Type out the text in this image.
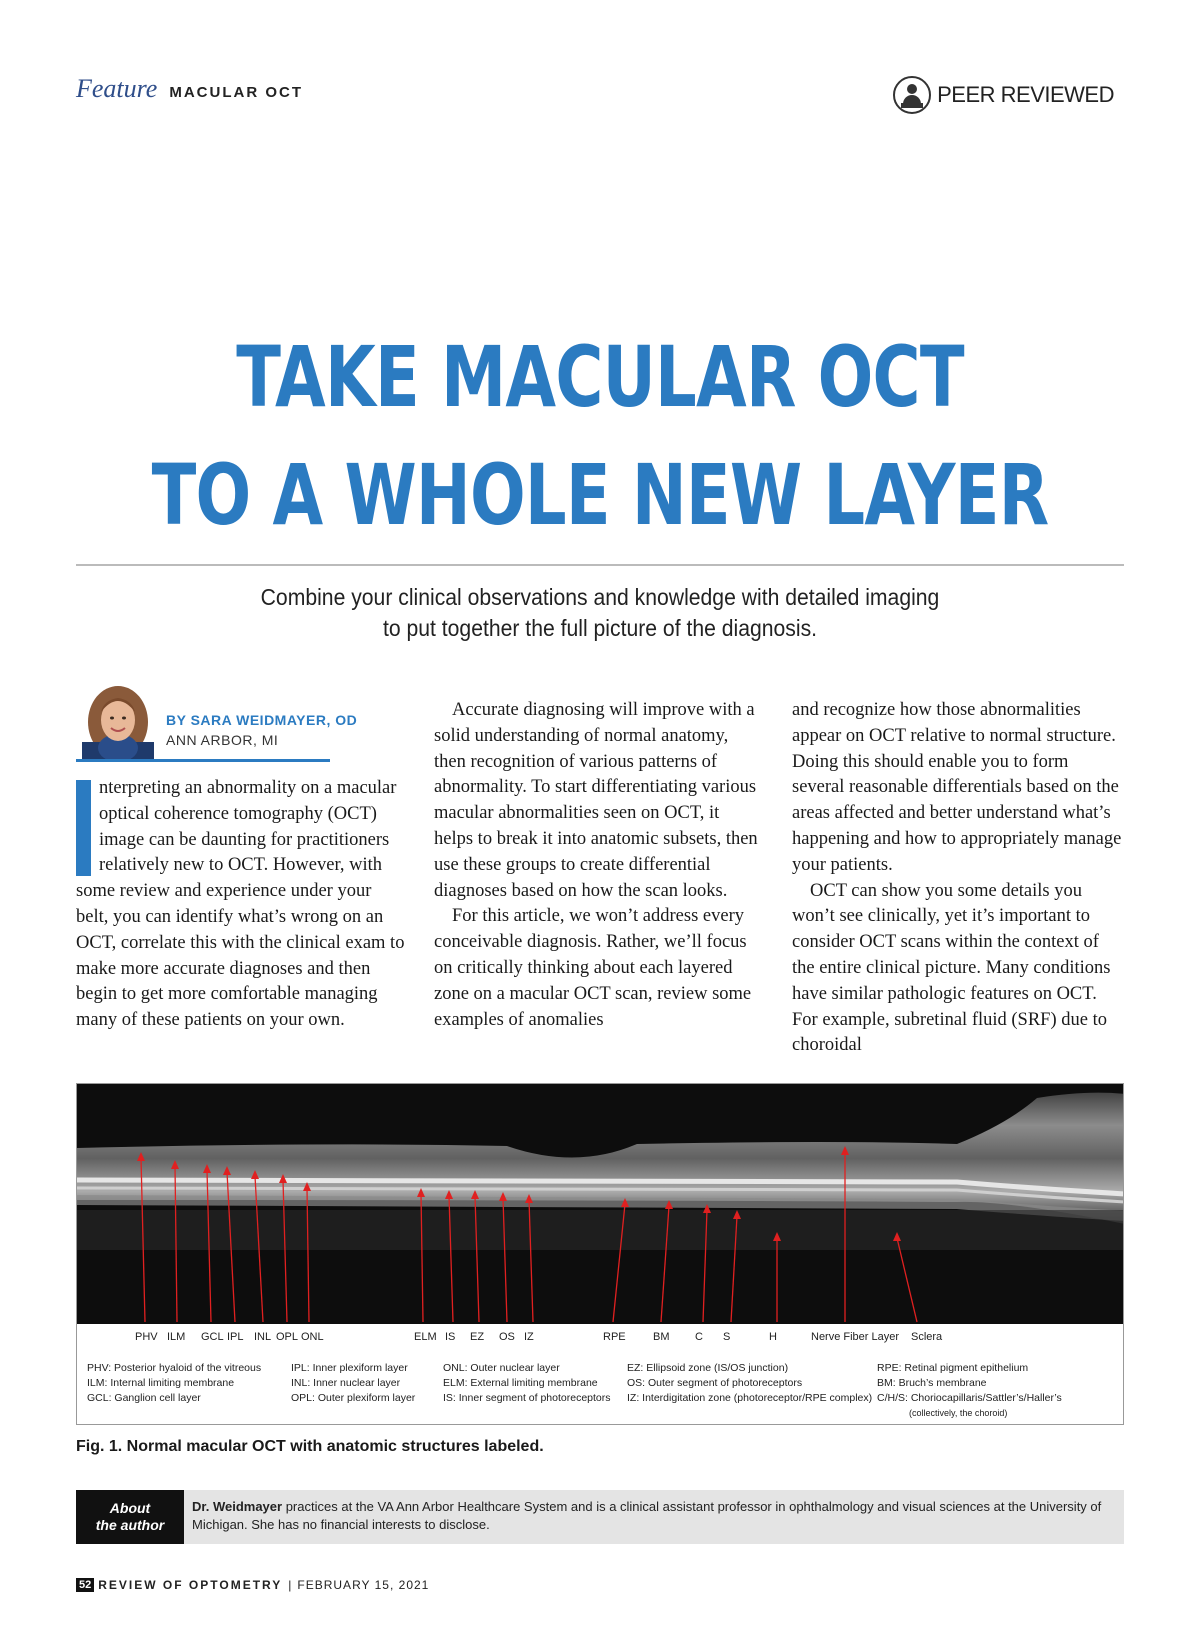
Feature MACULAR OCT	PEER REVIEWED
TAKE MACULAR OCT
TO A WHOLE NEW LAYER
Combine your clinical observations and knowledge with detailed imaging
to put together the full picture of the diagnosis.
BY SARA WEIDMAYER, OD
ANN ARBOR, MI

nterpreting an abnormality on a macular optical coherence tomography (OCT) image can be daunting for practitioners relatively new to OCT. However, with some review and experience under your belt, you can identify what’s wrong on an OCT, correlate this with the clinical exam to make more accurate diagnoses and then begin to get more comfortable managing many of these patients on your own.

Accurate diagnosing will improve with a solid understanding of normal anatomy, then recognition of various patterns of abnormality. To start differentiating various macular abnormalities seen on OCT, it helps to break it into anatomic subsets, then use these groups to create differential diagnoses based on how the scan looks.

For this article, we won’t address every conceivable diagnosis. Rather, we’ll focus on critically thinking about each layered zone on a macular OCT scan, review some examples of anomalies

and recognize how those abnormalities appear on OCT relative to normal structure. Doing this should enable you to form several reasonable differentials based on the areas affected and better understand what’s happening and how to appropriately manage your patients.

OCT can show you some details you won’t see clinically, yet it’s important to consider OCT scans within the context of the entire clinical picture. Many conditions have similar pathologic features on OCT. For example, subretinal fluid (SRF) due to choroidal

PHV ILM GCL IPL INL OPL ONL	ELM IS EZ OS IZ	RPE BM C S	H	Nerve Fiber Layer Sclera
PHV: Posterior hyaloid of the vitreous
ILM: Internal limiting membrane
GCL: Ganglion cell layer
IPL: Inner plexiform layer
INL: Inner nuclear layer
OPL: Outer plexiform layer
ONL: Outer nuclear layer
ELM: External limiting membrane
IS: Inner segment of photoreceptors
EZ: Ellipsoid zone (IS/OS junction)
OS: Outer segment of photoreceptors
IZ: Interdigitation zone (photoreceptor/RPE complex)
RPE: Retinal pigment epithelium
BM: Bruch’s membrane
C/H/S: Choriocapillaris/Sattler’s/Haller’s
(collectively, the choroid)
Fig. 1. Normal macular OCT with anatomic structures labeled.
About
the author
Dr. Weidmayer practices at the VA Ann Arbor Healthcare System and is a clinical assistant professor in ophthalmology and visual sciences at the University of Michigan. She has no financial interests to disclose.
52 REVIEW OF OPTOMETRY | FEBRUARY 15, 2021
